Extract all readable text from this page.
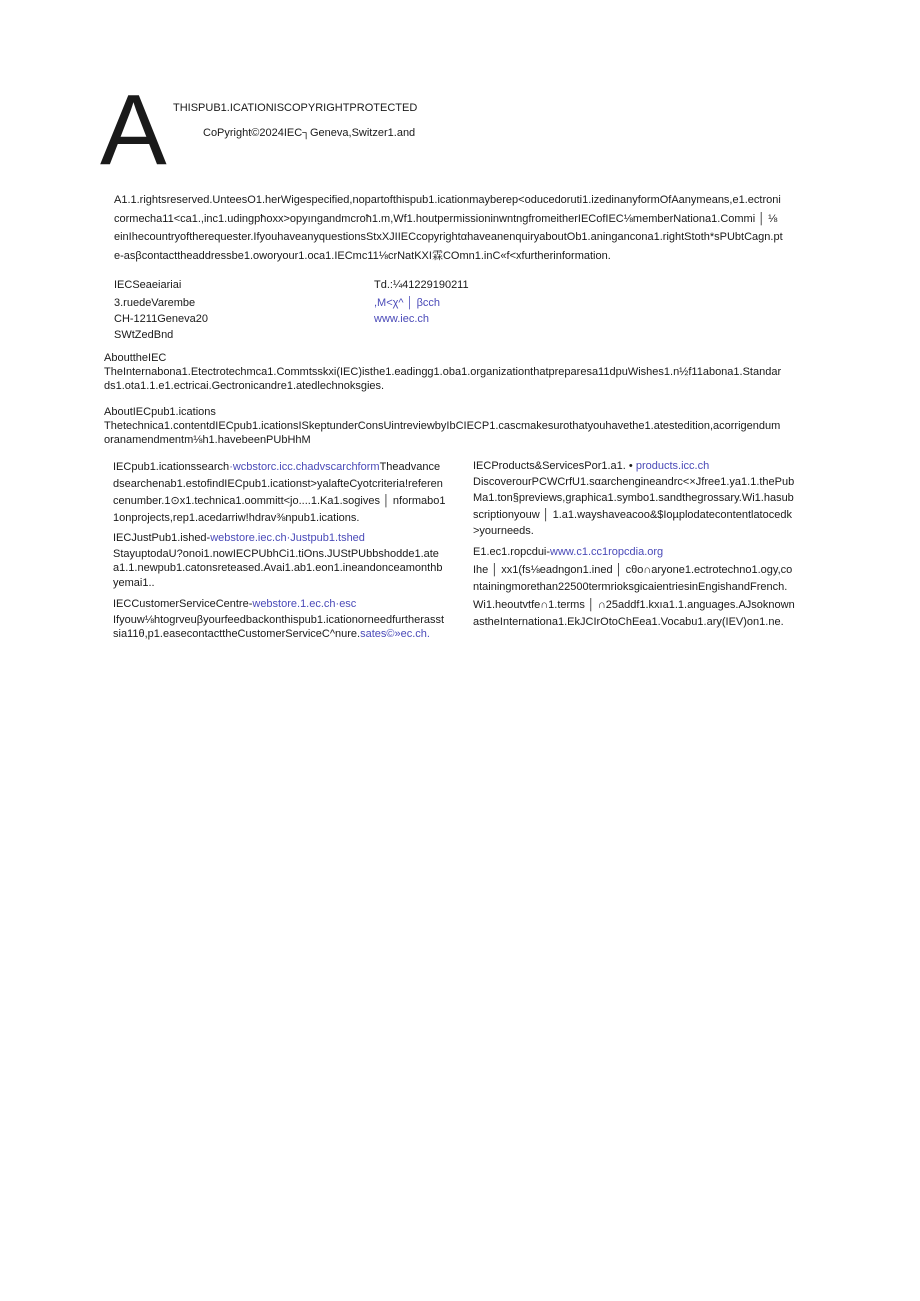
A THISPUB1.ICATIONISCOPYRIGHTPROTECTED
CoPyright©2024IEC┐Geneva,Switzer1.and
A1.1.rightsreserved.UnteesO1.herWigespecified,nopartofthispub1.icationmayberep<oducedoruti1.izedinanyformOfAanymeans,e1.ectroni
cormecha11<ca1.,inc1.udingpħoxx>opyıngandmcroħ1.m,Wf1.houtpermissioninwntngfromeitherIECofIEC⅛memberNationa1.Commi │ ⅛
einIhecountryoftherequester.IfyouhaveanyquestionsStxXJIIECcopyrightαhaveanenquiryaboutOb1.aningancona1.rightStoth*sPUbtCagn.pt
e-asβcontacttheaddressbe1.oworyour1.oca1.IECmc11⅛crNatKXI霖COmn1.inC«f<xfurtherinformation.
IECSeaeiariai
3.ruedeVarembe
CH-1211Geneva20
SWtZedBnd
Td.:¼41229190211
,M<χ^ │ βcch
www.iec.ch
AbouttheIEC
TheInternabona1.Etectrotechmca1.Commtsskxi(IEC)isthe1.eadingg1.oba1.organizationthatpreparesa11dpuWishes1.n½f11abona1.Standar
ds1.ota1.1.e1.ectricai.Gectronicandre1.atedlechnoksgies.
AboutIECpub1.ications
Thetechnica1.contentdIECpub1.icationsISkeptunderConsUintreviewbyIbCIECP1.cascmakesurothatyouhavethe1.atestedition,acorrigendum
oranamendmentm⅛h1.havebeenPUbHhM
IECpub1.icationssearch·wcbstorc.icc.chadvscarchformTheadvance
dsearchenab1.estofindIECpub1.icationst>yalafteCyotcriteria!referen
cenumber.1⊙x1.technica1.oommitt<jo....1.Ka1.sogives │ nformabo1
1onprojects,rep1.acedarriw!hdrav⅜npub1.ications.
IECJustPub1.ished-webstore.iec.ch·Justpub1.tshed
StayuptodaU?onoi1.nowIECPUbhCi1.tiOns.JUStPUbbshodde1.ate
a1.1.newpub1.catonsreteased.Avai1.ab1.eon1.ineandonceamonthb
yemai1..
IECCustomerServiceCentre-webstore.1.ec.ch·esc
Ifyouw⅛htogrveuβyourfeedbackonthispub1.icationorneedfurtherasst
sia11θ,p1.easecontacttheCustomerServiceC^nure.sates©»ec.ch.
IECProducts&ServicesPor1.a1. • products.icc.ch
DiscoverourPCWCrfU1.sαarchengineandrc<×Jfree1.ya1.1.thePub
Ma1.ton§previews,graphica1.symbo1.sandthegrossary.Wi1.hasub
scriptionyouw │ 1.a1.wayshaveacoo&$Ioµplodatecontentlatocedk
>yourneeds.
E1.ec1.ropcdui-www.c1.cc1ropcdia.org
Ihe │ xx1(fs⅛eadngon1.ined │ cθo∩aryone1.ectrotechno1.ogy,co
ntainingmorethan22500termrioksgicaientriesinEngishandFrench.
Wi1.heoutvtfe∩1.terms │ ∩25addf1.kxıa1.1.anguages.AJsoknown
astheInternationa1.EkJCIrOtoChEea1.Vocabu1.ary(IEV)on1.ne.
